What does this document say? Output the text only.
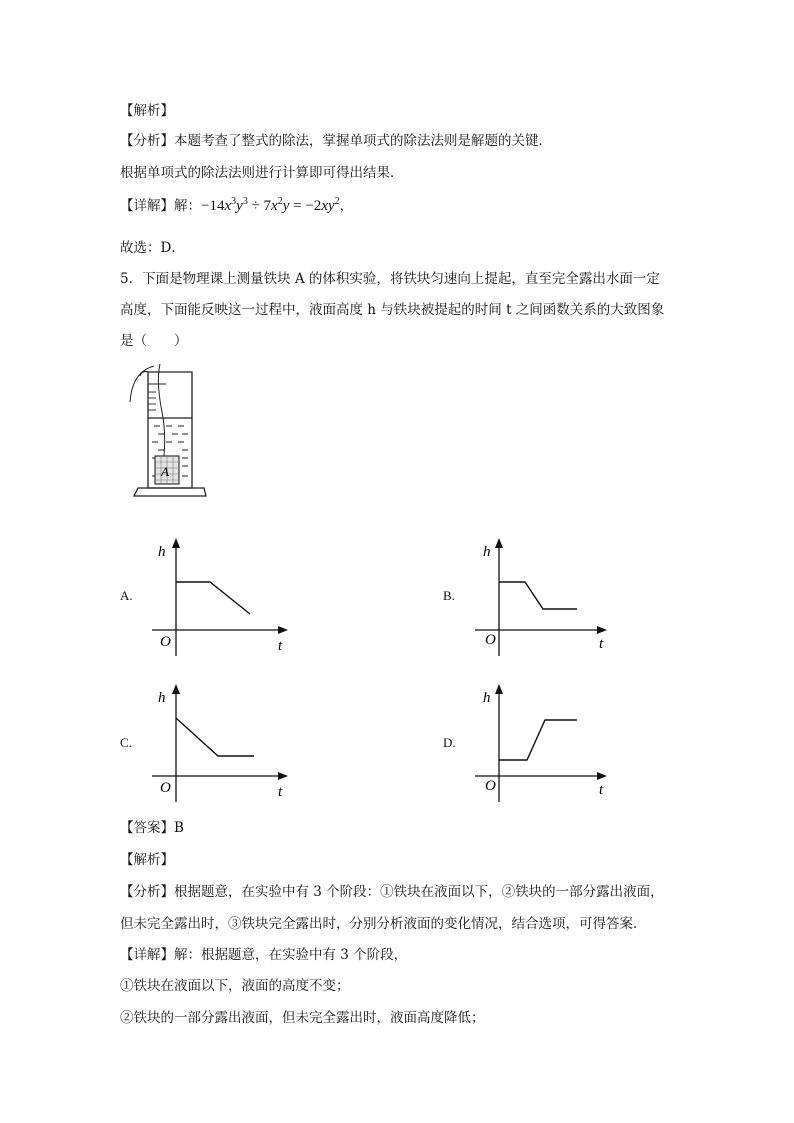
【解析】
【分析】本题考查了整式的除法，掌握单项式的除法法则是解题的关键．
根据单项式的除法法则进行计算即可得出结果．
【详解】解：$-14x^3y^3 \div 7x^2y = -2xy^2$，
故选：D．
5．下面是物理课上测量铁块 A 的体积实验，将铁块匀速向上提起，直至完全露出水面一定
高度，下面能反映这一过程中，液面高度 h 与铁块被提起的时间 t 之间函数关系的大致图象
是（　　）
A
A.
h
O	t
B.
h
O	t
C.
h
O	t
D.
h
O	t
【答案】B
【解析】
【分析】根据题意，在实验中有 3 个阶段：①铁块在液面以下，②铁块的一部分露出液面，
但未完全露出时，③铁块完全露出时，分别分析液面的变化情况，结合选项，可得答案．
【详解】解：根据题意，在实验中有 3 个阶段，
①铁块在液面以下，液面的高度不变；
②铁块的一部分露出液面，但未完全露出时，液面高度降低；
